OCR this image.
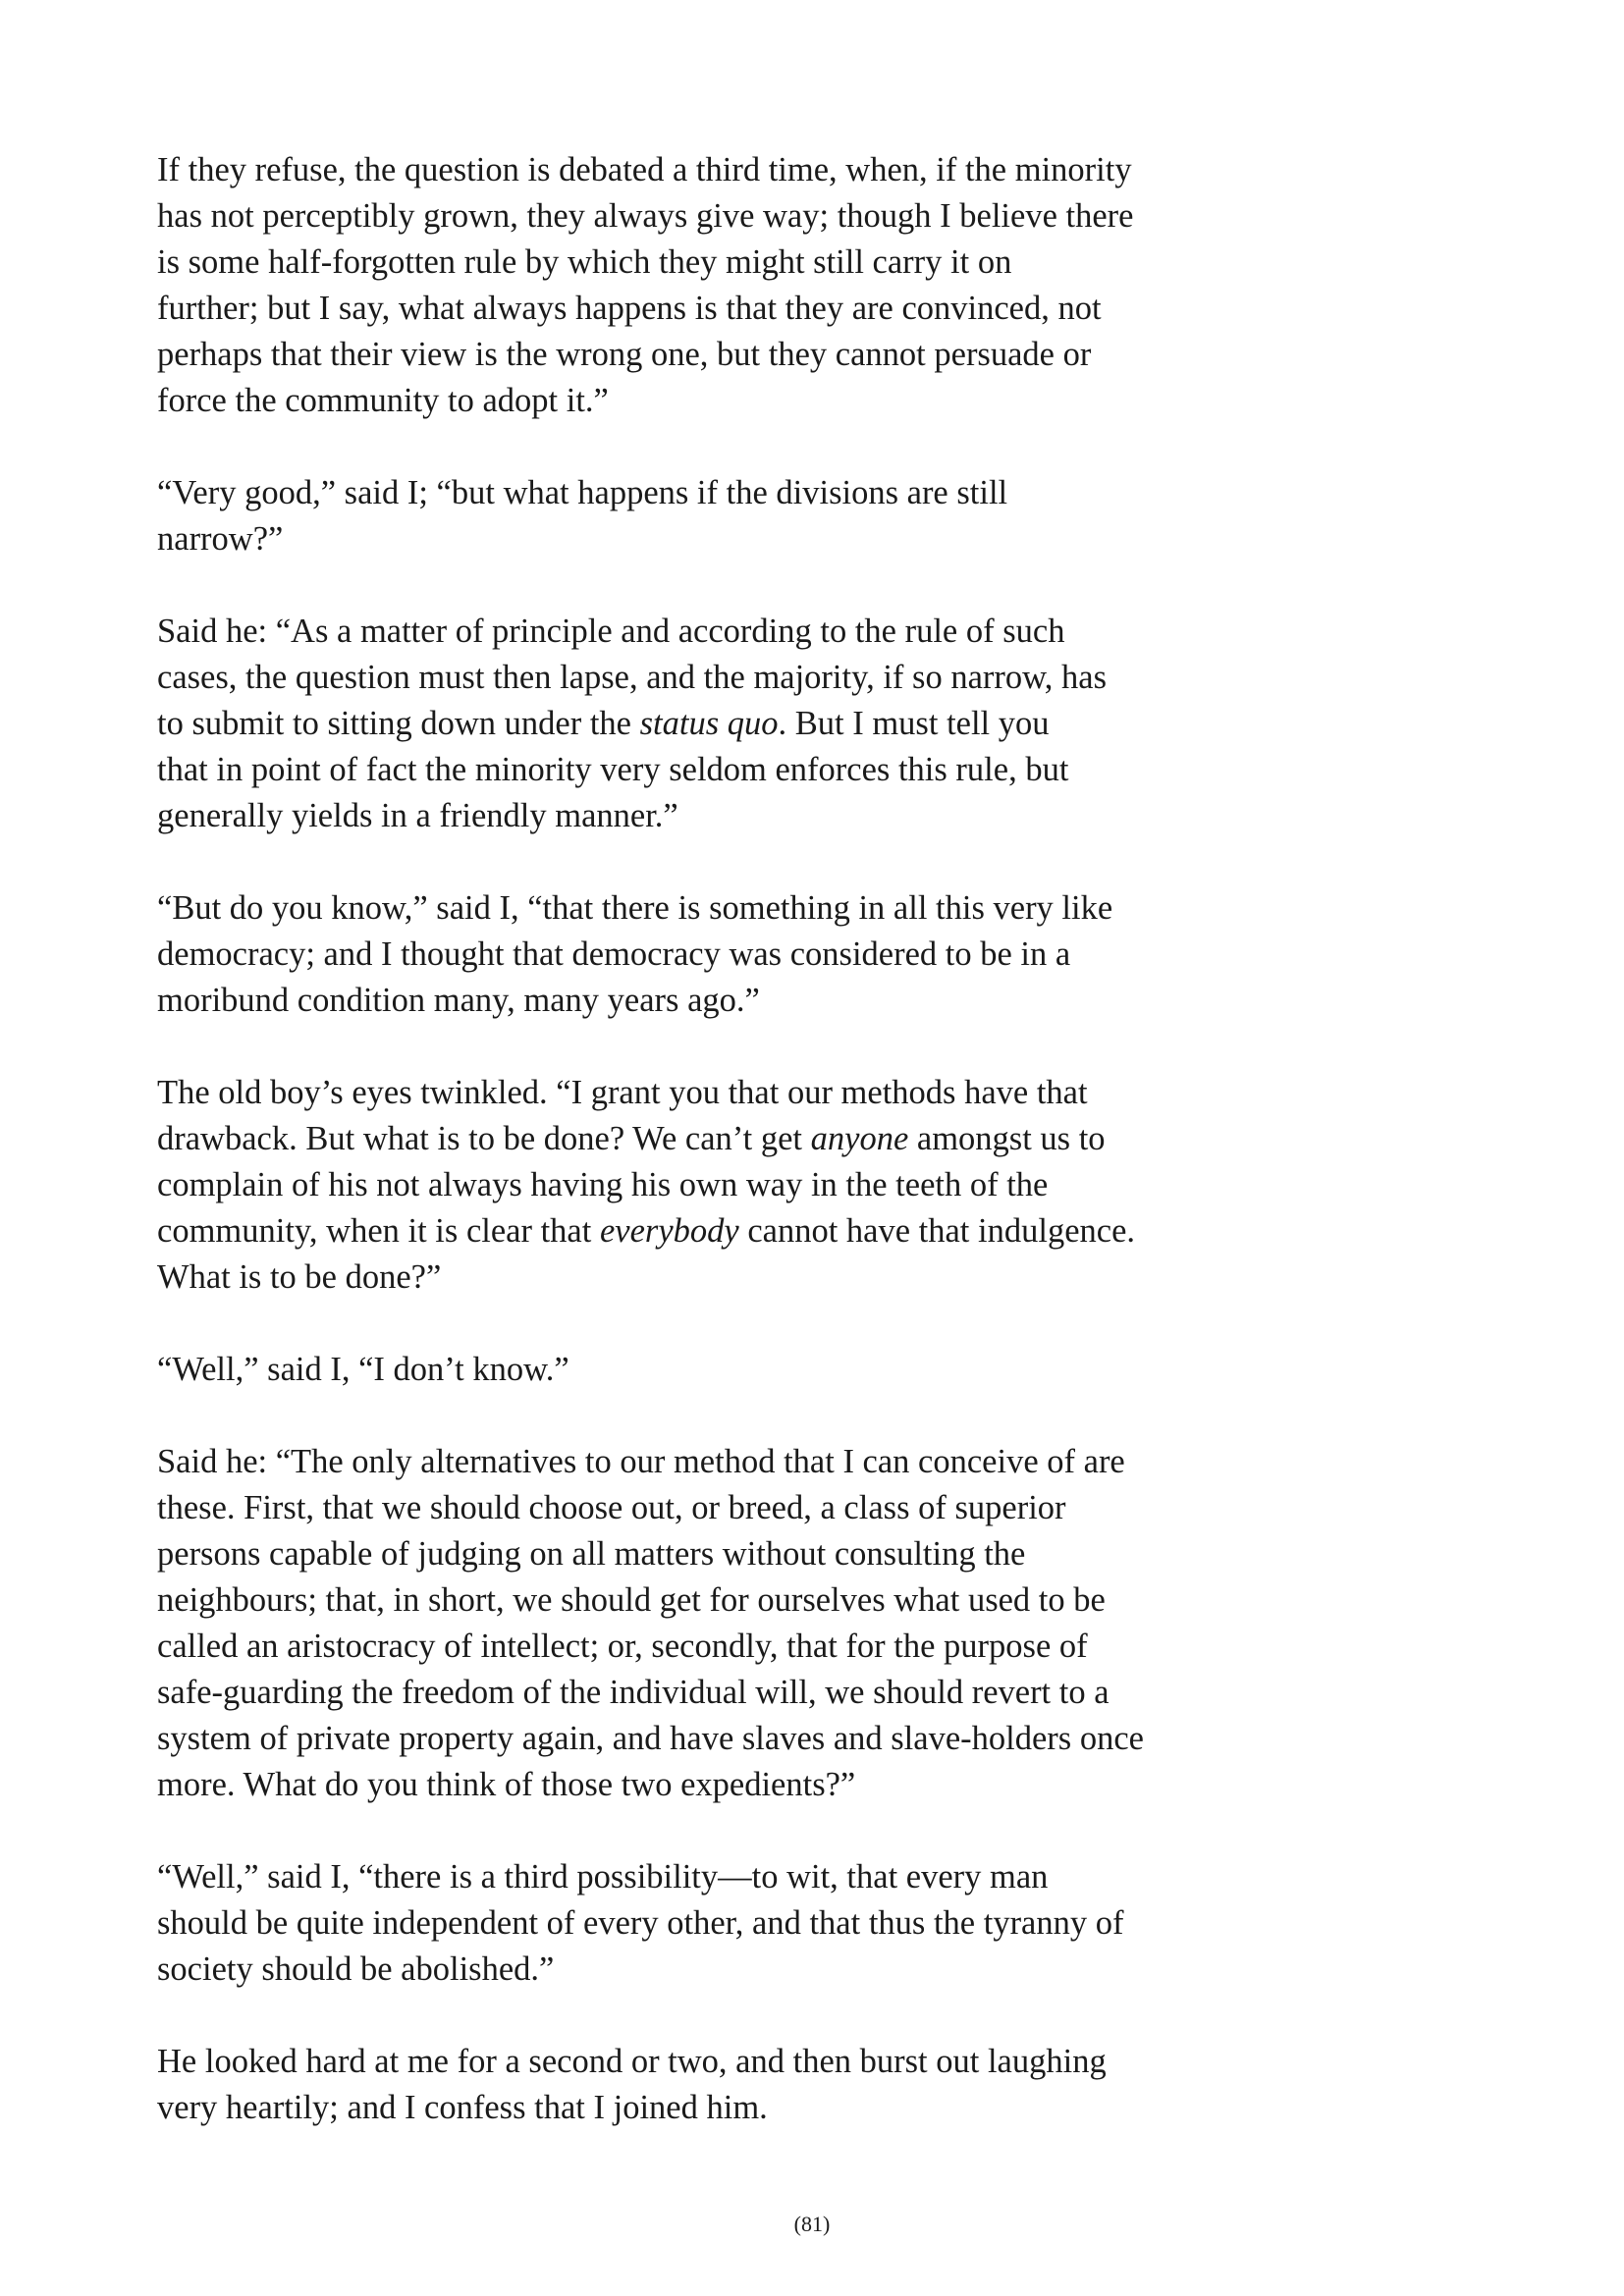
If they refuse, the question is debated a third time, when, if the minority
has not perceptibly grown, they always give way; though I believe there
is some half-forgotten rule by which they might still carry it on
further; but I say, what always happens is that they are convinced, not
perhaps that their view is the wrong one, but they cannot persuade or
force the community to adopt it.”

“Very good,” said I; “but what happens if the divisions are still
narrow?”

Said he: “As a matter of principle and according to the rule of such
cases, the question must then lapse, and the majority, if so narrow, has
to submit to sitting down under the status quo. But I must tell you
that in point of fact the minority very seldom enforces this rule, but
generally yields in a friendly manner.”

“But do you know,” said I, “that there is something in all this very like
democracy; and I thought that democracy was considered to be in a
moribund condition many, many years ago.”

The old boy’s eyes twinkled. “I grant you that our methods have that
drawback. But what is to be done? We can’t get anyone amongst us to
complain of his not always having his own way in the teeth of the
community, when it is clear that everybody cannot have that indulgence.
What is to be done?”

“Well,” said I, “I don’t know.”

Said he: “The only alternatives to our method that I can conceive of are
these. First, that we should choose out, or breed, a class of superior
persons capable of judging on all matters without consulting the
neighbours; that, in short, we should get for ourselves what used to be
called an aristocracy of intellect; or, secondly, that for the purpose of
safe-guarding the freedom of the individual will, we should revert to a
system of private property again, and have slaves and slave-holders once
more. What do you think of those two expedients?”

“Well,” said I, “there is a third possibility—to wit, that every man
should be quite independent of every other, and that thus the tyranny of
society should be abolished.”

He looked hard at me for a second or two, and then burst out laughing
very heartily; and I confess that I joined him.

(81)
